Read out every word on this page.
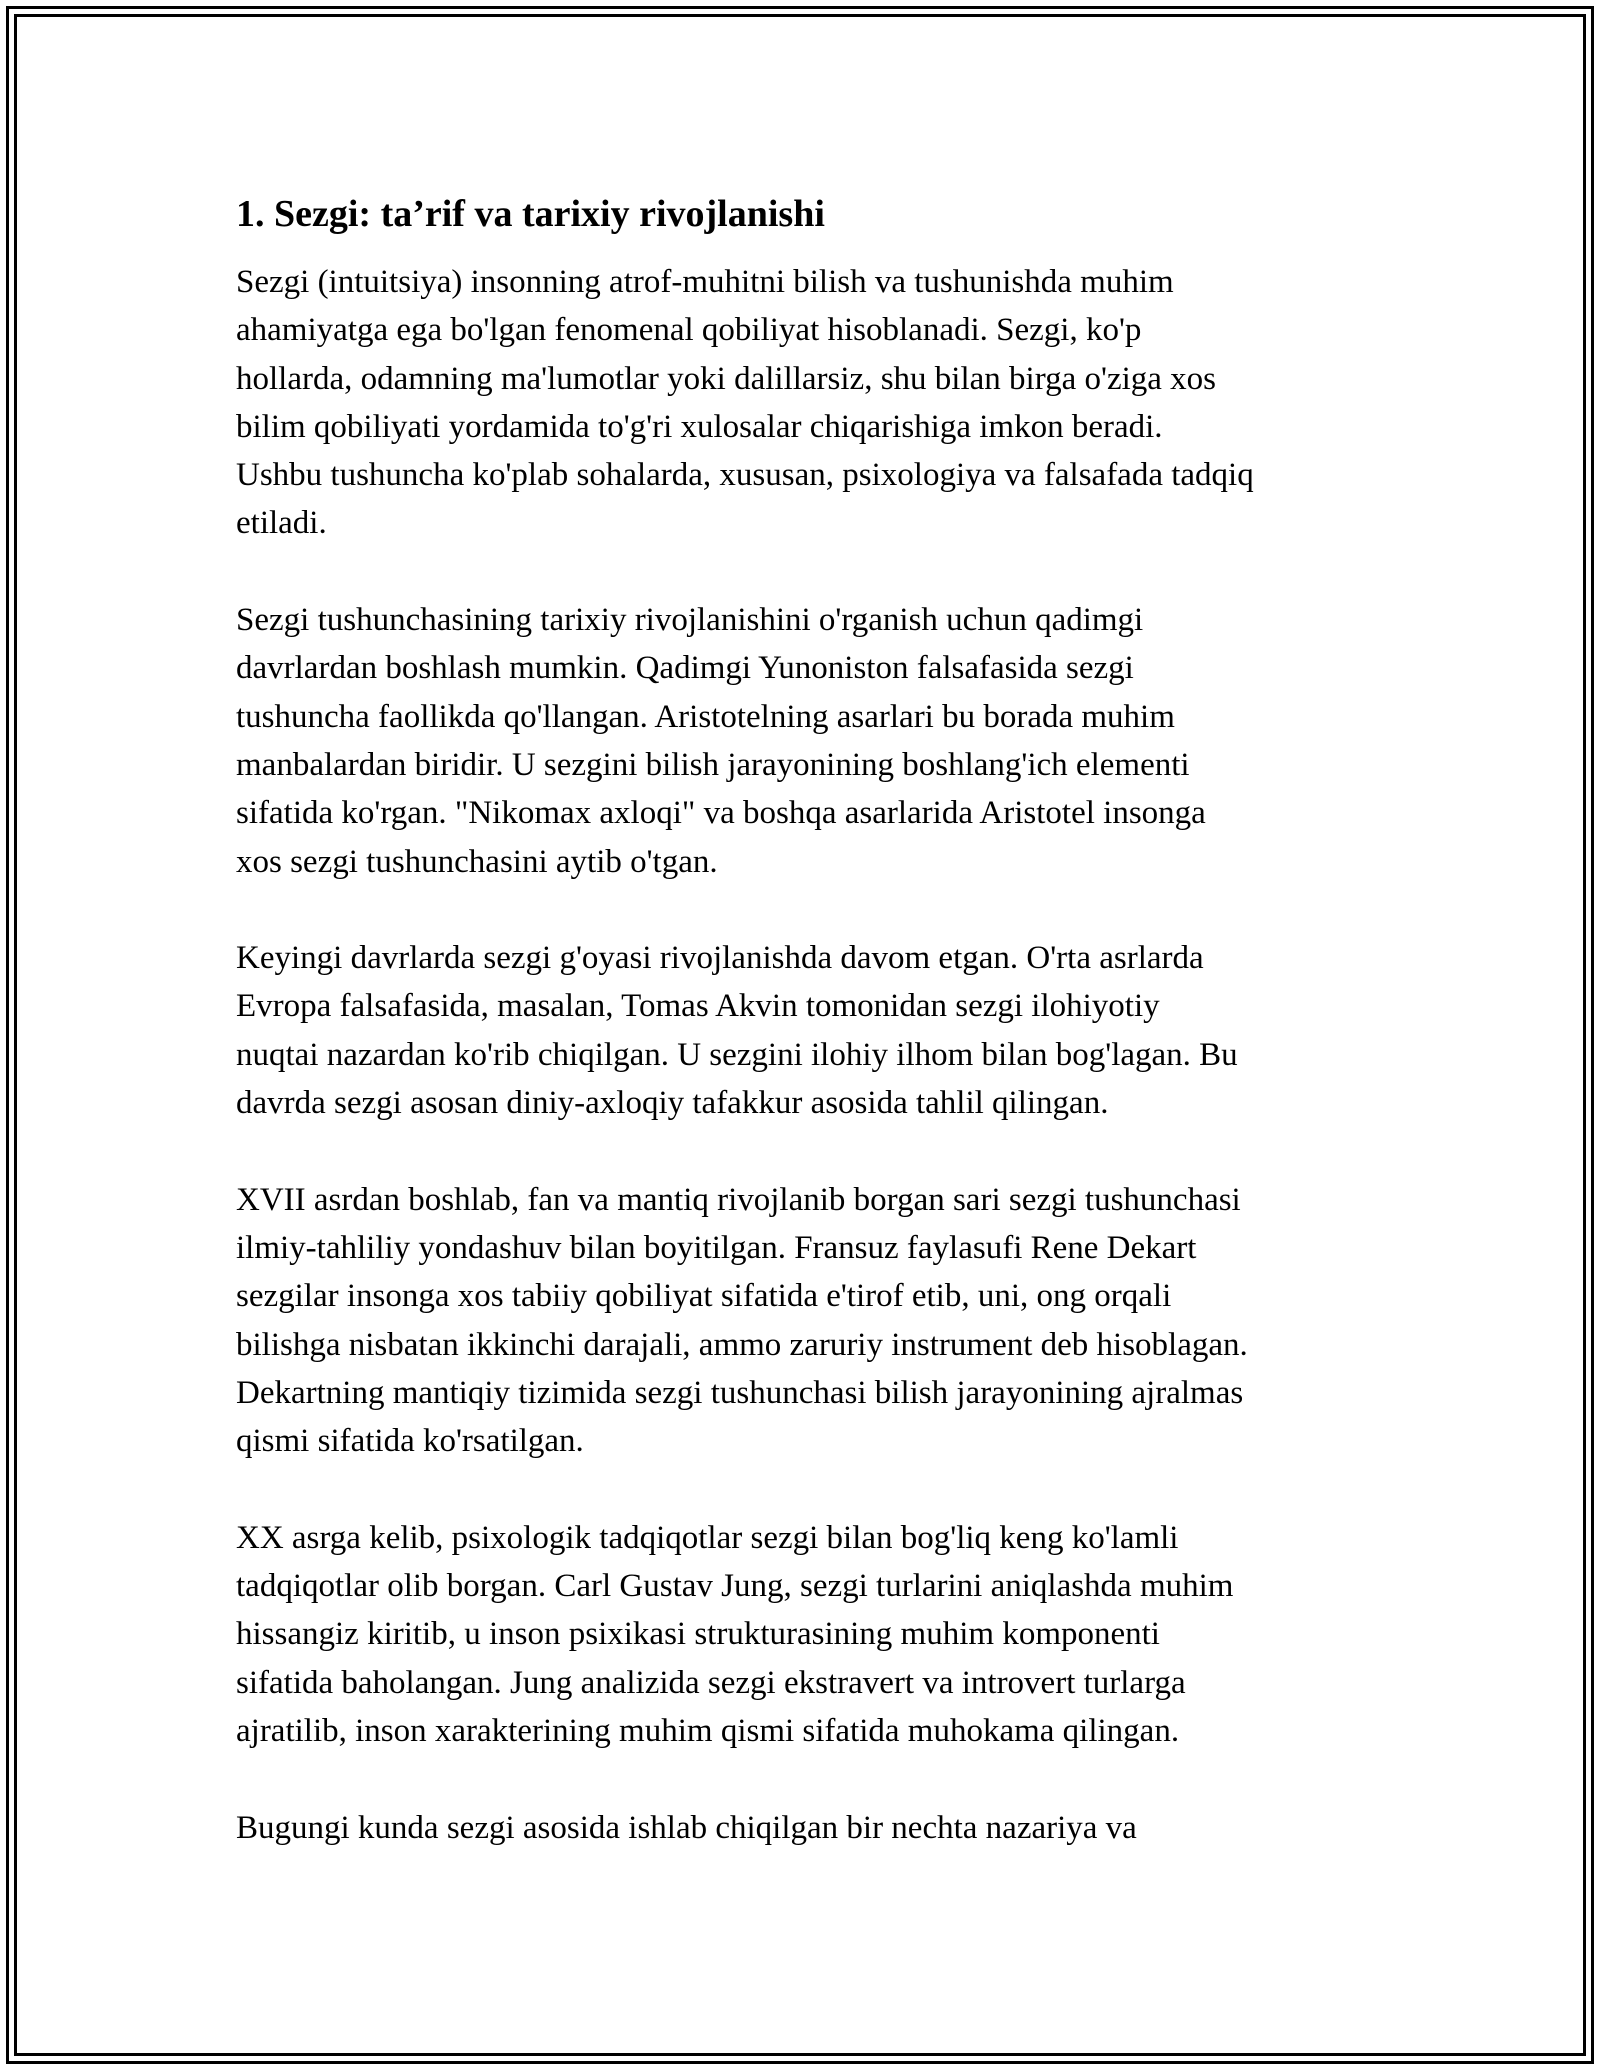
1. Sezgi: ta’rif va tarixiy rivojlanishi

Sezgi (intuitsiya) insonning atrof-muhitni bilish va tushunishda muhim
ahamiyatga ega bo'lgan fenomenal qobiliyat hisoblanadi. Sezgi, ko'p
hollarda, odamning ma'lumotlar yoki dalillarsiz, shu bilan birga o'ziga xos
bilim qobiliyati yordamida to'g'ri xulosalar chiqarishiga imkon beradi.
Ushbu tushuncha ko'plab sohalarda, xususan, psixologiya va falsafada tadqiq
etiladi.

Sezgi tushunchasining tarixiy rivojlanishini o'rganish uchun qadimgi
davrlardan boshlash mumkin. Qadimgi Yunoniston falsafasida sezgi
tushuncha faollikda qo'llangan. Aristotelning asarlari bu borada muhim
manbalardan biridir. U sezgini bilish jarayonining boshlang'ich elementi
sifatida ko'rgan. "Nikomax axloqi" va boshqa asarlarida Aristotel insonga
xos sezgi tushunchasini aytib o'tgan.

Keyingi davrlarda sezgi g'oyasi rivojlanishda davom etgan. O'rta asrlarda
Evropa falsafasida, masalan, Tomas Akvin tomonidan sezgi ilohiyotiy
nuqtai nazardan ko'rib chiqilgan. U sezgini ilohiy ilhom bilan bog'lagan. Bu
davrda sezgi asosan diniy-axloqiy tafakkur asosida tahlil qilingan.

XVII asrdan boshlab, fan va mantiq rivojlanib borgan sari sezgi tushunchasi
ilmiy-tahliliy yondashuv bilan boyitilgan. Fransuz faylasufi Rene Dekart
sezgilar insonga xos tabiiy qobiliyat sifatida e'tirof etib, uni, ong orqali
bilishga nisbatan ikkinchi darajali, ammo zaruriy instrument deb hisoblagan.
Dekartning mantiqiy tizimida sezgi tushunchasi bilish jarayonining ajralmas
qismi sifatida ko'rsatilgan.

XX asrga kelib, psixologik tadqiqotlar sezgi bilan bog'liq keng ko'lamli
tadqiqotlar olib borgan. Carl Gustav Jung, sezgi turlarini aniqlashda muhim
hissangiz kiritib, u inson psixikasi strukturasining muhim komponenti
sifatida baholangan. Jung analizida sezgi ekstravert va introvert turlarga
ajratilib, inson xarakterining muhim qismi sifatida muhokama qilingan.

Bugungi kunda sezgi asosida ishlab chiqilgan bir nechta nazariya va
